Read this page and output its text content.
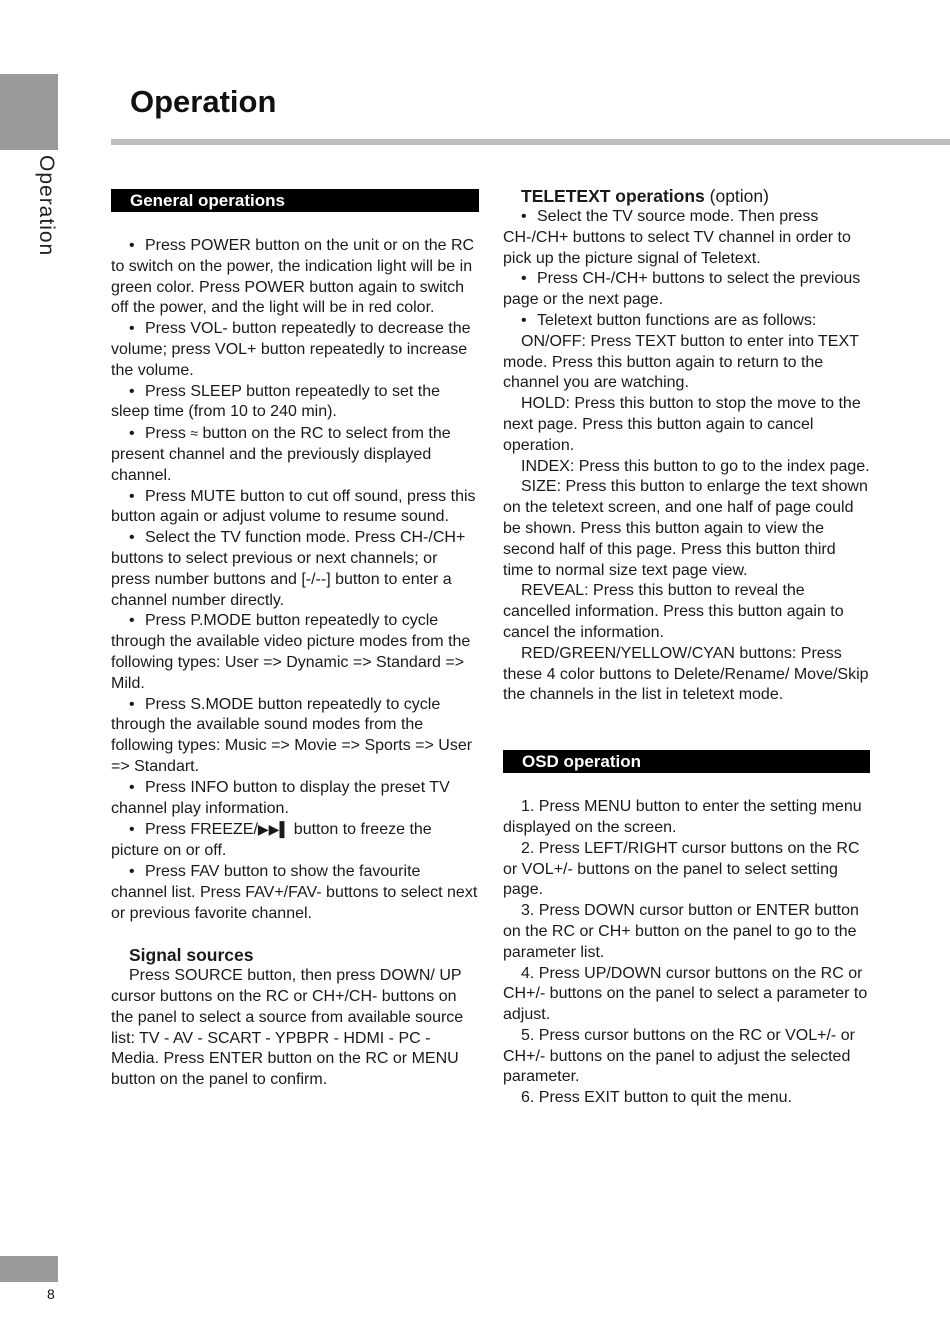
Operation
Operation
General operations

• Press POWER button on the unit or on the RC to switch on the power, the indication light will be in green color. Press POWER button again to switch off the power, and the light will be in red color.

• Press VOL- button repeatedly to decrease the volume; press VOL+ button repeatedly to increase the volume.

• Press SLEEP button repeatedly to set the sleep time (from 10 to 240 min).

• Press ≈ button on the RC to select from the present channel and the previously displayed channel.

• Press MUTE button to cut off sound, press this button again or adjust volume to resume sound.

• Select the TV function mode. Press CH-/CH+ buttons to select previous or next channels; or press number buttons and [-/--] button to enter a channel number directly.

• Press P.MODE button repeatedly to cycle through the available video picture modes from the following types: User => Dynamic => Standard => Mild.

• Press S.MODE button repeatedly to cycle through the available sound modes from the following types: Music => Movie => Sports => User => Standart.

• Press INFO button to display the preset TV channel play information.

• Press FREEZE/▶▶▌ button to freeze the picture on or off.

• Press FAV button to show the favourite channel list. Press FAV+/FAV- buttons to select next or previous favorite channel.

Signal sources

Press SOURCE button, then press DOWN/ UP cursor buttons on the RC or CH+/CH- buttons on the panel to select a source from available source list: TV - AV - SCART - YPBPR - HDMI - PC - Media. Press ENTER button on the RC or MENU button on the panel to confirm.

TELETEXT operations (option)

• Select the TV source mode. Then press CH-/CH+ buttons to select TV channel in order to pick up the picture signal of Teletext.

• Press CH-/CH+ buttons to select the previous page or the next page.

• Teletext button functions are as follows:

ON/OFF: Press TEXT button to enter into TEXT mode. Press this button again to return to the channel you are watching.

HOLD: Press this button to stop the move to the next page. Press this button again to cancel operation.

INDEX: Press this button to go to the index page.

SIZE: Press this button to enlarge the text shown on the teletext screen, and one half of page could be shown. Press this button again to view the second half of this page. Press this button third time to normal size text page view.

REVEAL: Press this button to reveal the cancelled information. Press this button again to cancel the information.

RED/GREEN/YELLOW/CYAN buttons: Press these 4 color buttons to Delete/Rename/ Move/Skip the channels in the list in teletext mode.

OSD operation

1. Press MENU button to enter the setting menu displayed on the screen.

2. Press LEFT/RIGHT cursor buttons on the RC or VOL+/- buttons on the panel to select setting page.

3. Press DOWN cursor button or ENTER button on the RC or CH+ button on the panel to go to the parameter list.

4. Press UP/DOWN cursor buttons on the RC or CH+/- buttons on the panel to select a parameter to adjust.

5. Press cursor buttons on the RC or VOL+/- or CH+/- buttons on the panel to adjust the selected parameter.

6. Press EXIT button to quit the menu.

8
